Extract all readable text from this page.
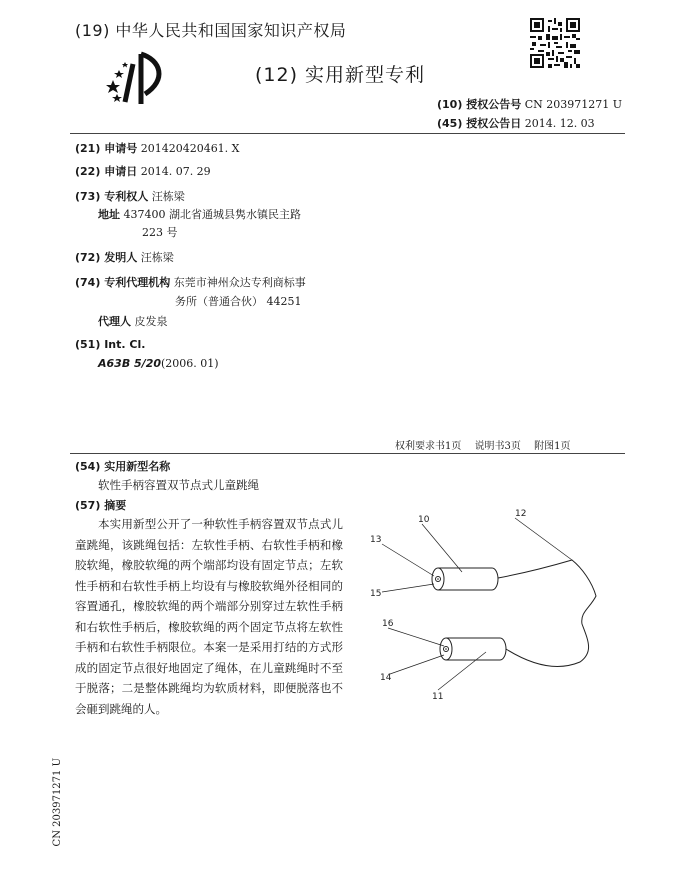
(19) 中华人民共和国国家知识产权局
(12) 实用新型专利
(10) 授权公告号 CN 203971271 U
(45) 授权公告日 2014. 12. 03
(21) 申请号 201420420461. X
(22) 申请日 2014. 07. 29
(73) 专利权人 汪栋梁
地址 437400 湖北省通城县隽水镇民主路
223 号
(72) 发明人 汪栋梁
(74) 专利代理机构 东莞市神州众达专利商标事
务所（普通合伙） 44251
代理人 皮发泉
(51) Int. Cl.
A63B 5/20(2006. 01)
权利要求书1页 说明书3页 附图1页
(54) 实用新型名称
软性手柄容置双节点式儿童跳绳
(57) 摘要
本实用新型公开了一种软性手柄容置双节点式儿童跳绳，该跳绳包括：左软性手柄、右软性手柄和橡胶软绳，橡胶软绳的两个端部均设有固定节点；左软性手柄和右软性手柄上均设有与橡胶软绳外径相同的容置通孔，橡胶软绳的两个端部分别穿过左软性手柄和右软性手柄后，橡胶软绳的两个固定节点将左软性手柄和右软性手柄限位。本案一是采用打结的方式形成的固定节点很好地固定了绳体，在儿童跳绳时不至于脱落；二是整体跳绳均为软质材料，即便脱落也不会砸到跳绳的人。
10
12
13
15
16
14
11
CN 203971271 U
